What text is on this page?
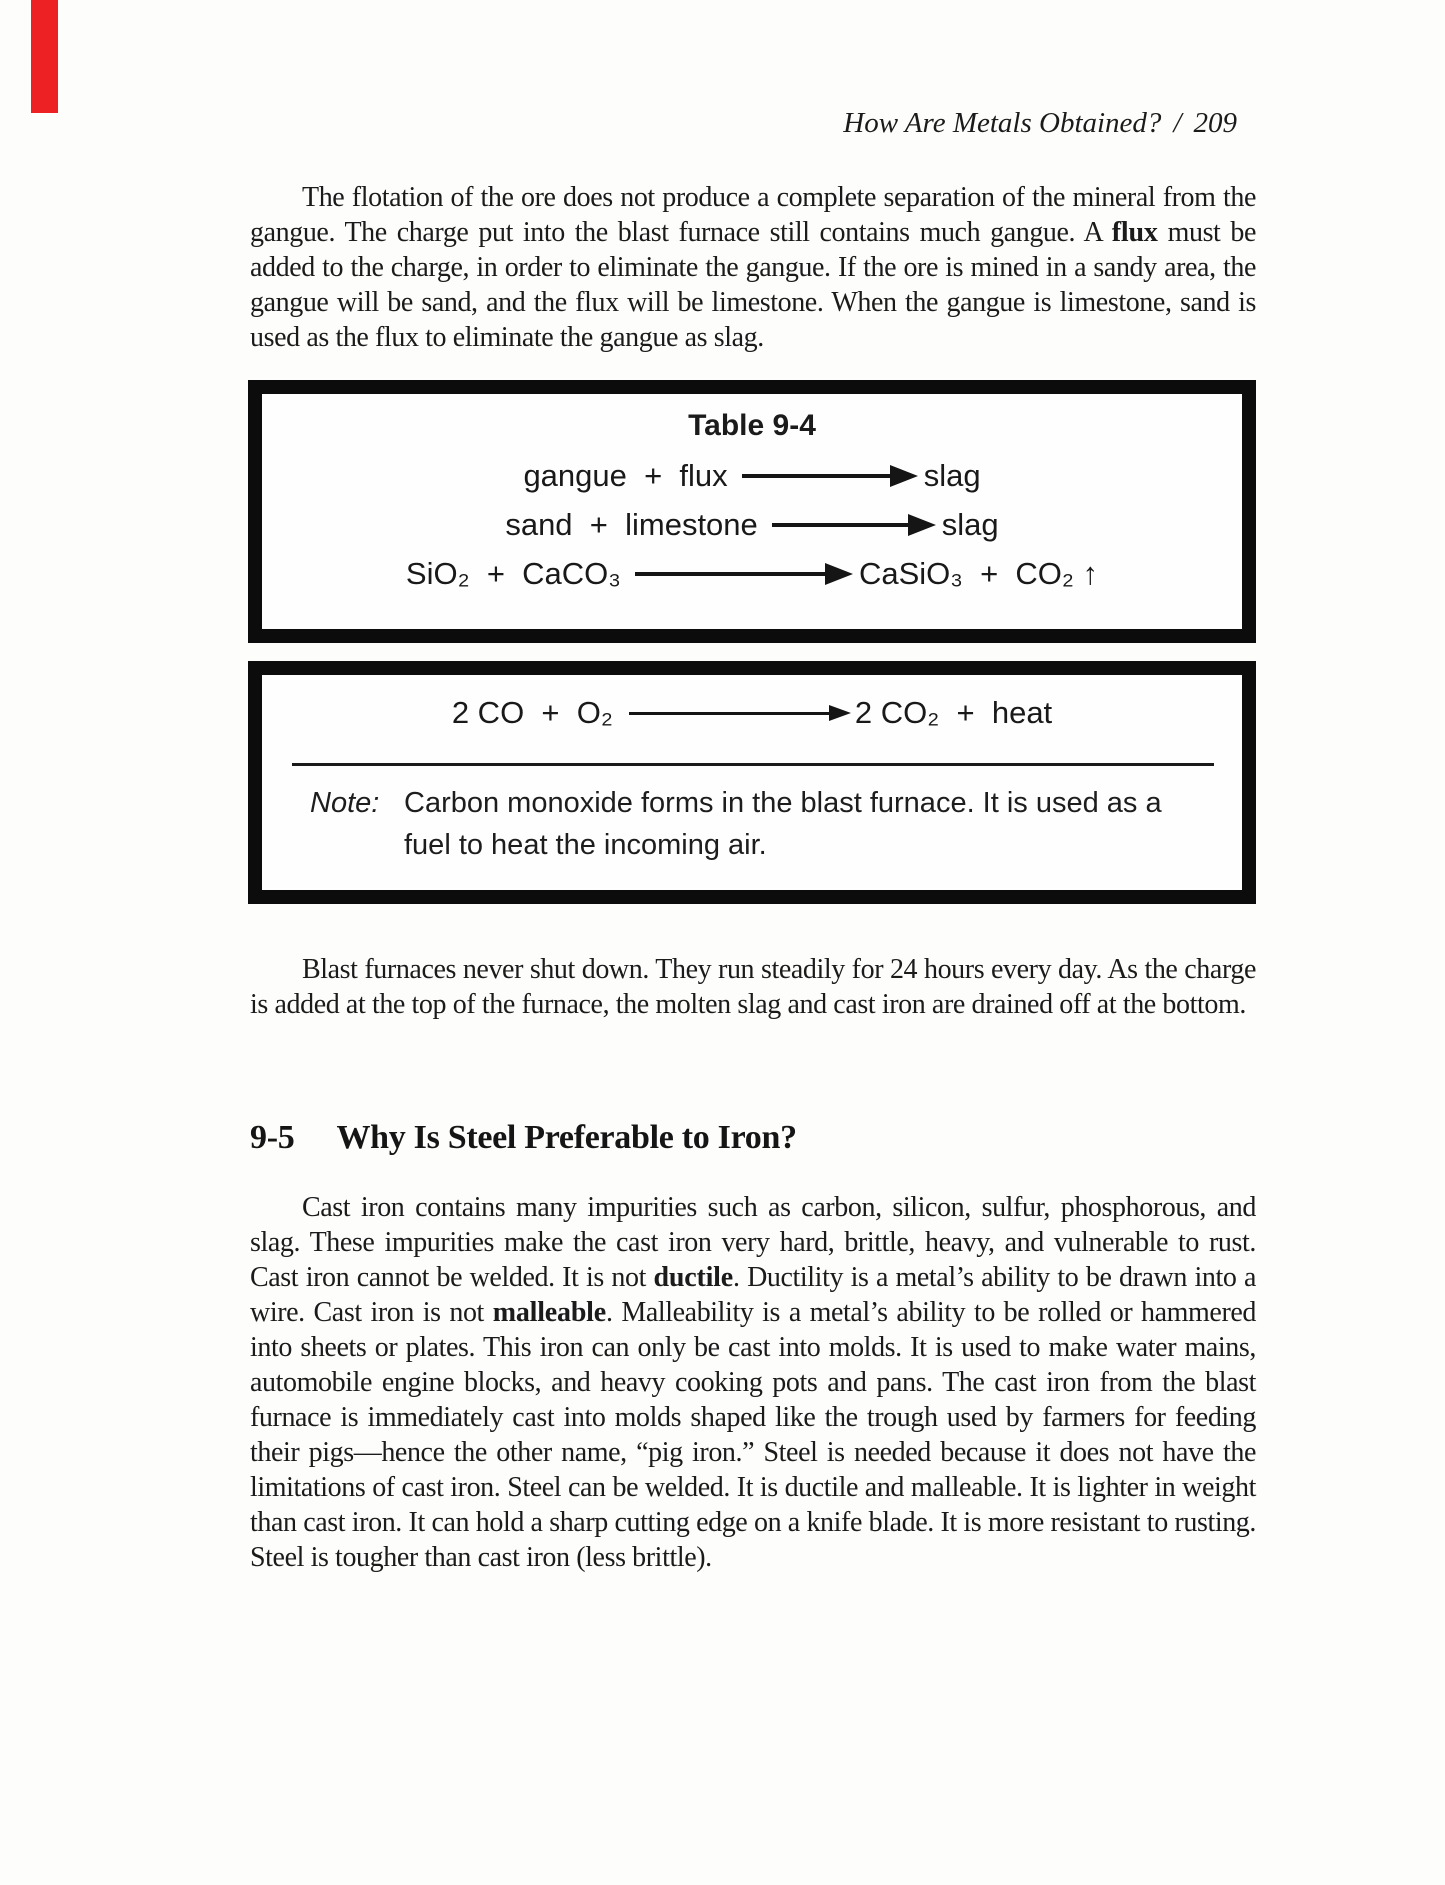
How Are Metals Obtained? / 209

The flotation of the ore does not produce a complete separation of the mineral from the gangue. The charge put into the blast furnace still contains much gangue. A flux must be added to the charge, in order to eliminate the gangue. If the ore is mined in a sandy area, the gangue will be sand, and the flux will be limestone. When the gangue is limestone, sand is used as the flux to eliminate the gangue as slag.

Table 9-4
gangue  +  flux	slag
sand  +  limestone	slag
SiO₂  +  CaCO₃	CaSiO₃  +  CO₂ ↑
2 CO  +  O₂	2 CO₂  +  heat
Note: Carbon monoxide forms in the blast furnace. It is used as a fuel to heat the incoming air.

Blast furnaces never shut down. They run steadily for 24 hours every day. As the charge is added at the top of the furnace, the molten slag and cast iron are drained off at the bottom.

9-5 Why Is Steel Preferable to Iron?

Cast iron contains many impurities such as carbon, silicon, sulfur, phosphorous, and slag. These impurities make the cast iron very hard, brittle, heavy, and vulnerable to rust. Cast iron cannot be welded. It is not ductile. Ductility is a metal’s ability to be drawn into a wire. Cast iron is not malleable. Malleability is a metal’s ability to be rolled or hammered into sheets or plates. This iron can only be cast into molds. It is used to make water mains, automobile engine blocks, and heavy cooking pots and pans. The cast iron from the blast furnace is immediately cast into molds shaped like the trough used by farmers for feeding their pigs—hence the other name, “pig iron.” Steel is needed because it does not have the limitations of cast iron. Steel can be welded. It is ductile and malleable. It is lighter in weight than cast iron. It can hold a sharp cutting edge on a knife blade. It is more resistant to rusting. Steel is tougher than cast iron (less brittle).
